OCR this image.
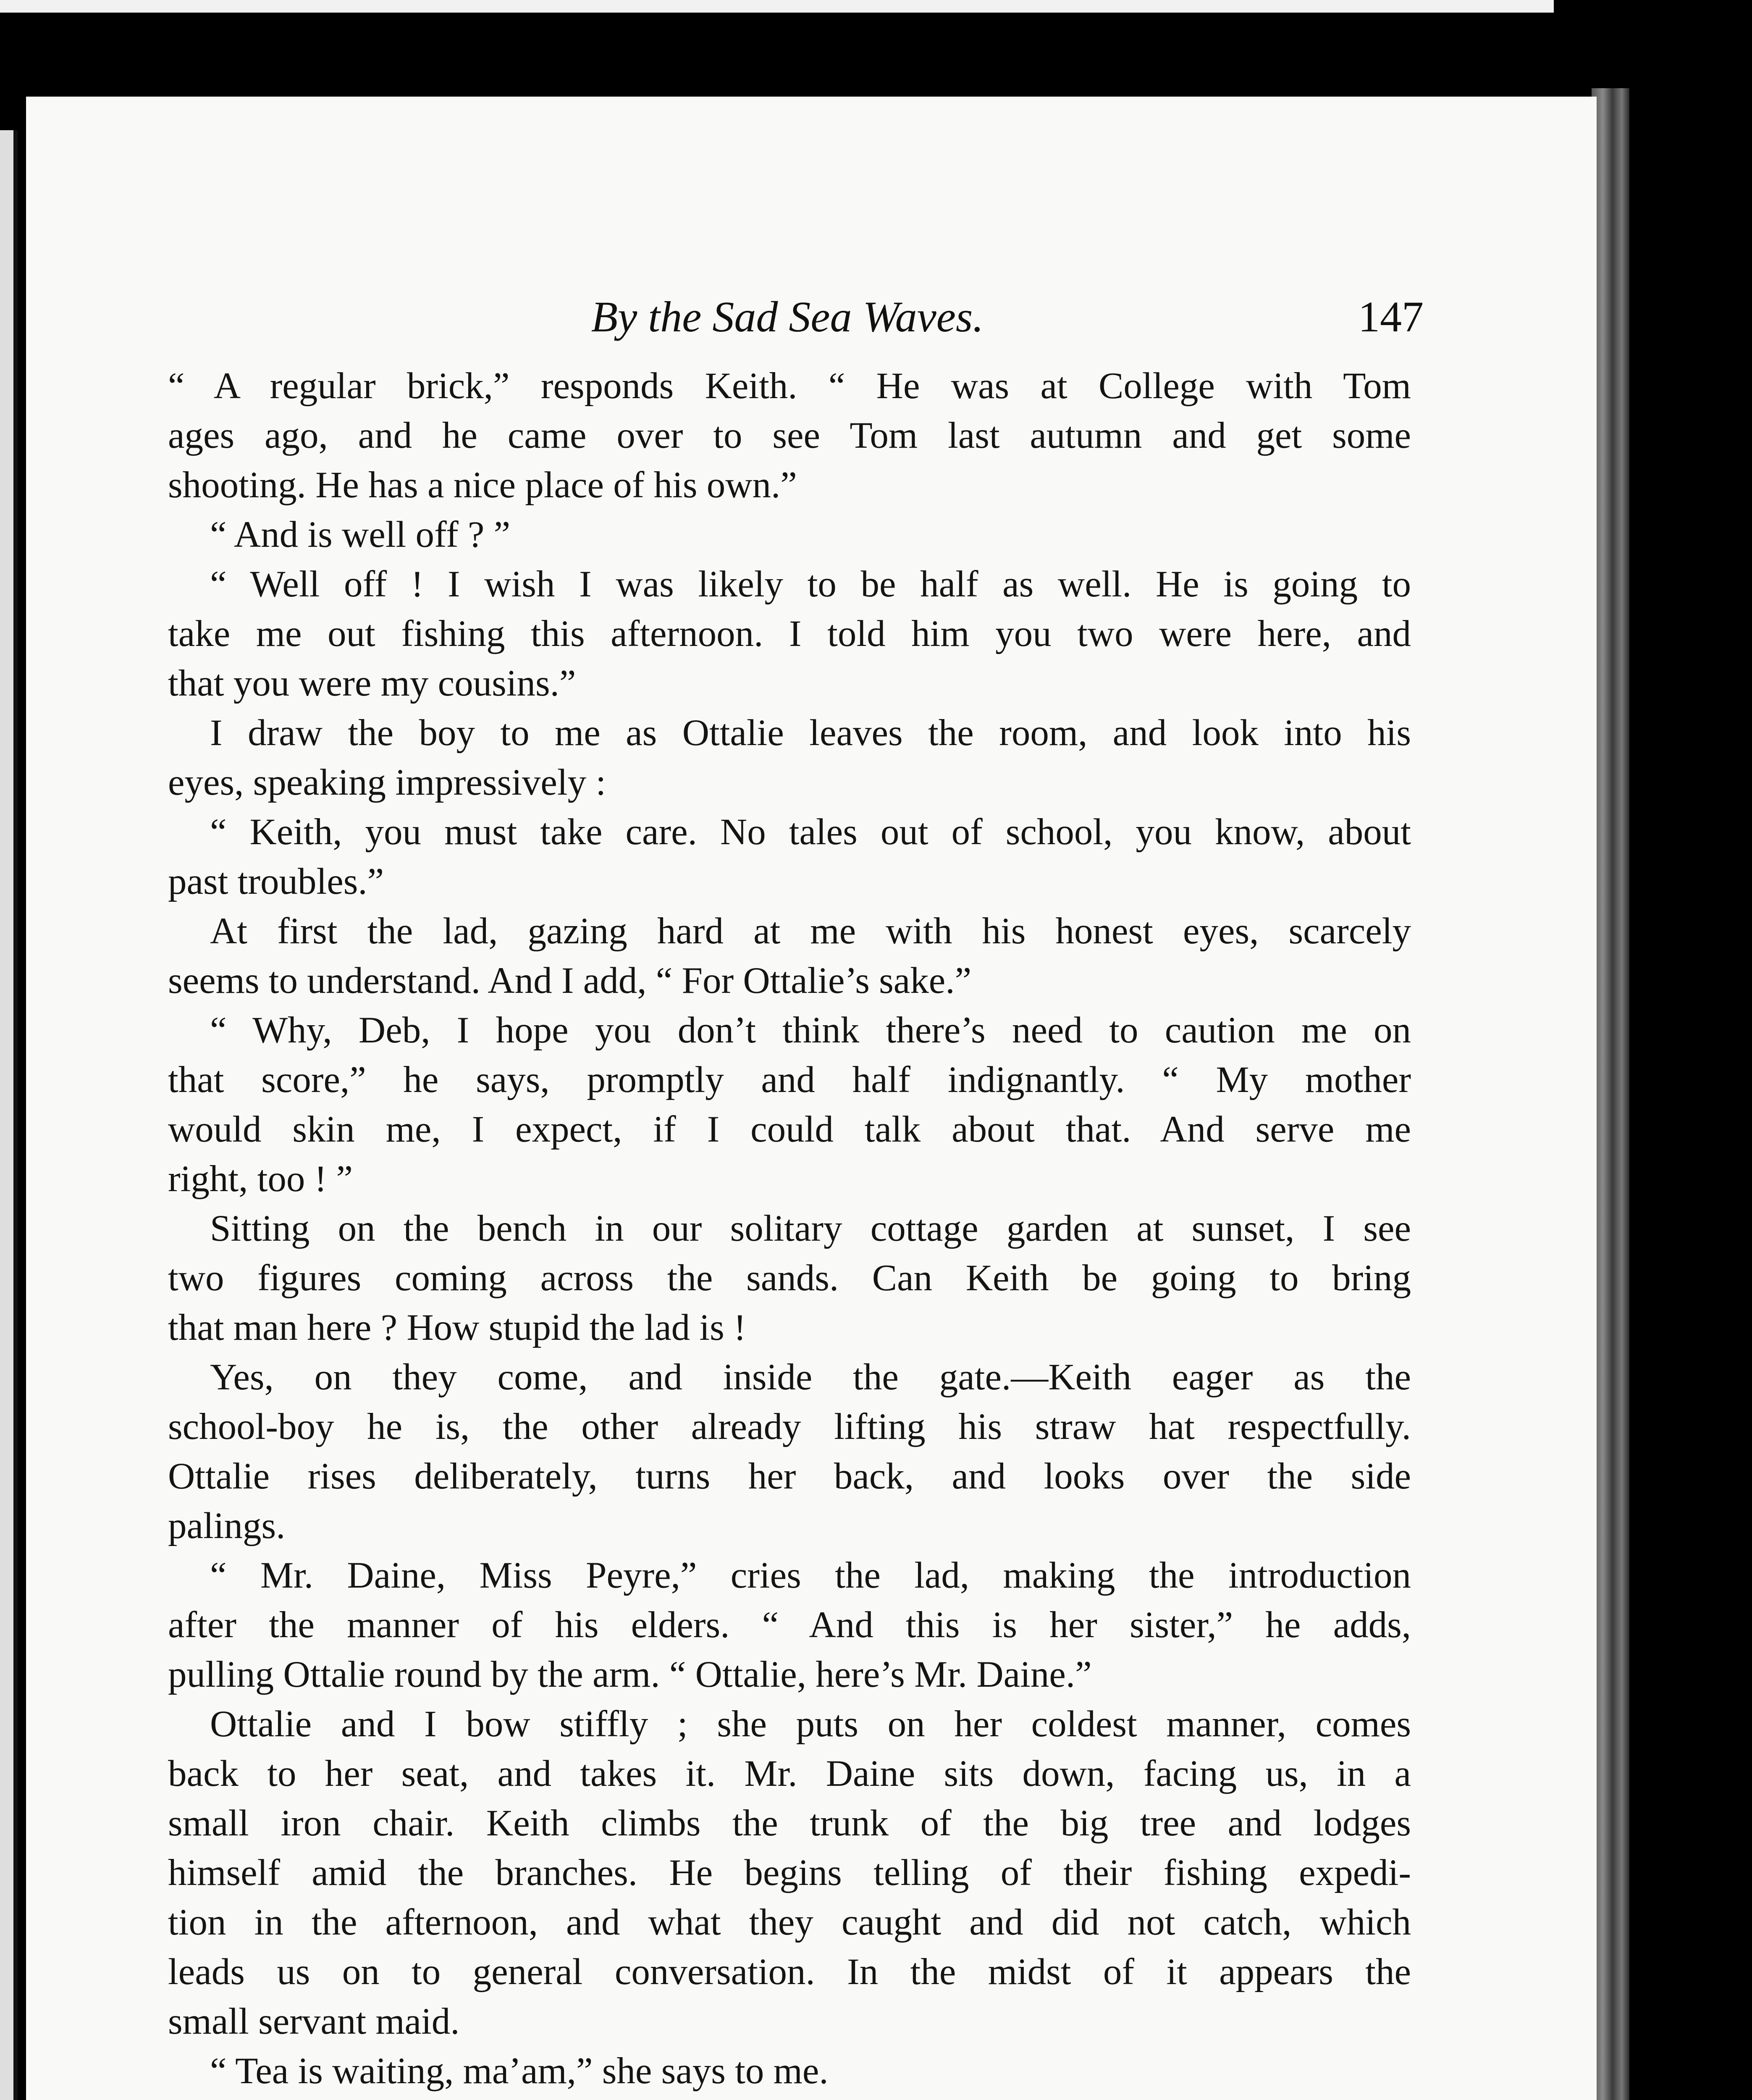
By the Sad Sea Waves.	147
“ A regular brick,” responds Keith. “ He was at College with Tom
ages ago, and he came over to see Tom last autumn and get some
shooting. He has a nice place of his own.”
“ And is well off ? ”
“ Well off ! I wish I was likely to be half as well. He is going to
take me out fishing this afternoon. I told him you two were here, and
that you were my cousins.”
I draw the boy to me as Ottalie leaves the room, and look into his
eyes, speaking impressively :
“ Keith, you must take care. No tales out of school, you know, about
past troubles.”
At first the lad, gazing hard at me with his honest eyes, scarcely
seems to understand. And I add, “ For Ottalie’s sake.”
“ Why, Deb, I hope you don’t think there’s need to caution me on
that score,” he says, promptly and half indignantly. “ My mother
would skin me, I expect, if I could talk about that. And serve me
right, too ! ”
Sitting on the bench in our solitary cottage garden at sunset, I see
two figures coming across the sands. Can Keith be going to bring
that man here ? How stupid the lad is !
Yes, on they come, and inside the gate.—Keith eager as the
school-boy he is, the other already lifting his straw hat respectfully.
Ottalie rises deliberately, turns her back, and looks over the side
palings.
“ Mr. Daine, Miss Peyre,” cries the lad, making the introduction
after the manner of his elders. “ And this is her sister,” he adds,
pulling Ottalie round by the arm. “ Ottalie, here’s Mr. Daine.”
Ottalie and I bow stiffly ; she puts on her coldest manner, comes
back to her seat, and takes it. Mr. Daine sits down, facing us, in a
small iron chair. Keith climbs the trunk of the big tree and lodges
himself amid the branches. He begins telling of their fishing expedi-
tion in the afternoon, and what they caught and did not catch, which
leads us on to general conversation. In the midst of it appears the
small servant maid.
“ Tea is waiting, ma’am,” she says to me.
